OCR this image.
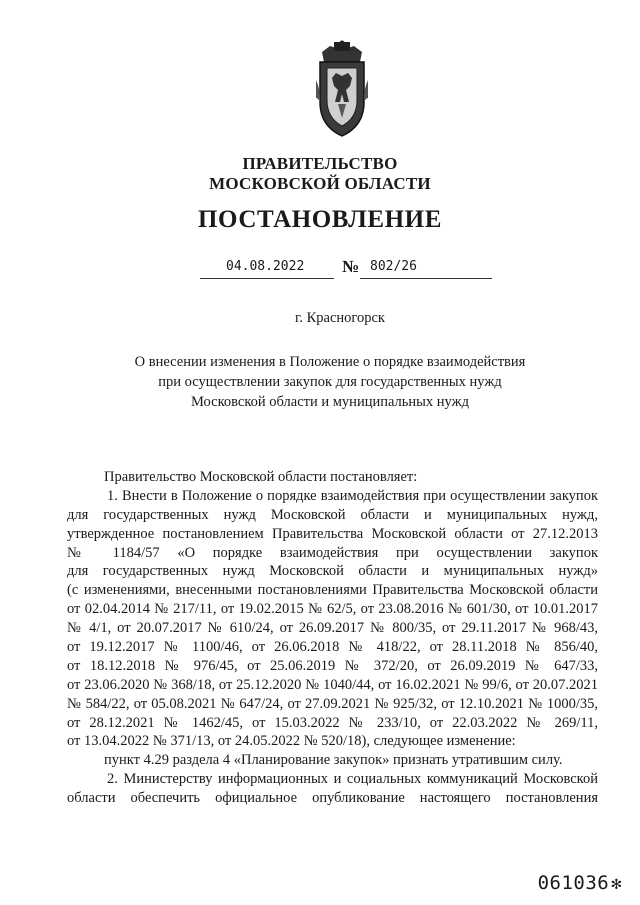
ПРАВИТЕЛЬСТВО
МОСКОВСКОЙ ОБЛАСТИ
ПОСТАНОВЛЕНИЕ
04.08.2022 № 802/26
г. Красногорск
О внесении изменения в Положение о порядке взаимодействия
при осуществлении закупок для государственных нужд
Московской области и муниципальных нужд
Правительство Московской области постановляет:
1. Внести в Положение о порядке взаимодействия при осуществлении закупок
для государственных нужд Московской области и муниципальных нужд,
утвержденное постановлением Правительства Московской области от 27.12.2013
№ 1184/57 «О порядке взаимодействия при осуществлении закупок
для государственных нужд Московской области и муниципальных нужд»
(с изменениями, внесенными постановлениями Правительства Московской области
от 02.04.2014 № 217/11, от 19.02.2015 № 62/5, от 23.08.2016 № 601/30, от 10.01.2017
№ 4/1, от 20.07.2017 № 610/24, от 26.09.2017 № 800/35, от 29.11.2017 № 968/43,
от 19.12.2017 № 1100/46, от 26.06.2018 № 418/22, от 28.11.2018 № 856/40,
от 18.12.2018 № 976/45, от 25.06.2019 № 372/20, от 26.09.2019 № 647/33,
от 23.06.2020 № 368/18, от 25.12.2020 № 1040/44, от 16.02.2021 № 99/6, от 20.07.2021
№ 584/22, от 05.08.2021 № 647/24, от 27.09.2021 № 925/32, от 12.10.2021 № 1000/35,
от 28.12.2021 № 1462/45, от 15.03.2022 № 233/10, от 22.03.2022 № 269/11,
от 13.04.2022 № 371/13, от 24.05.2022 № 520/18), следующее изменение:
пункт 4.29 раздела 4 «Планирование закупок» признать утратившим силу.
2. Министерству информационных и социальных коммуникаций Московской
области обеспечить официальное опубликование настоящего постановления
061036 ✻
